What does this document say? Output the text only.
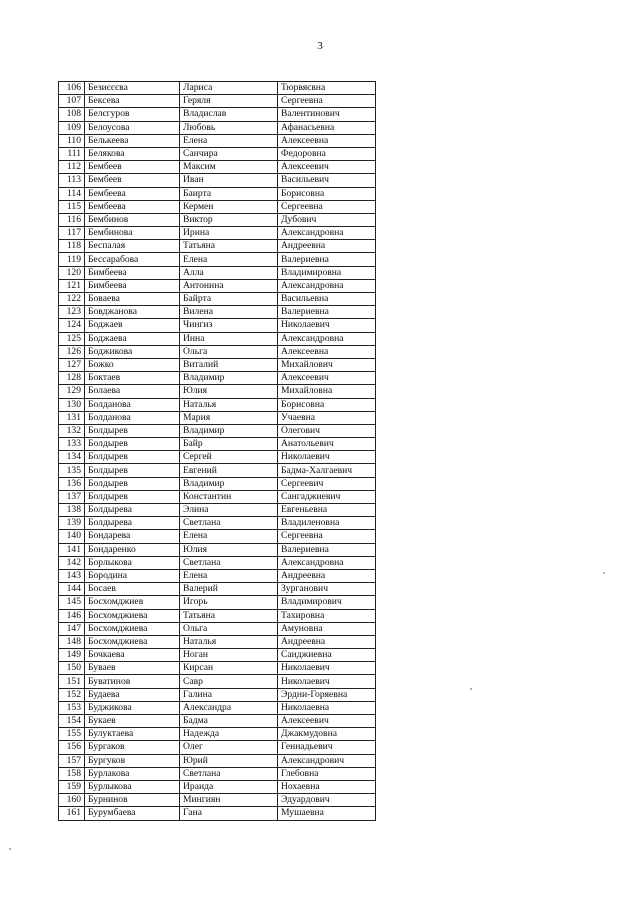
3
106	Безиєєєва	Лариса	Тюрвяєвна
107	Бексева	Геряля	Сергеевна
108	Белєгуров	Владислав	Валентинович
109	Белоусова	Любовь	Афанасьевна
110	Белькеева	Елена	Алексеевна
111	Белякова	Санчира	Федоровна
112	Бембеев	Максим	Алексеевич
113	Бембеев	Иван	Васильевич
114	Бембеева	Баирта	Борисовна
115	Бембеева	Кермен	Сергеевна
116	Бембинов	Виктор	Дубович
117	Бембинова	Ирина	Александровна
118	Беспалая	Татьяна	Андреевна
119	Бессарабова	Елена	Валериевна
120	Бимбеева	Алла	Владимировна
121	Бимбеева	Антонина	Александровна
122	Боваева	Байрта	Васильевна
123	Бовджанова	Вилена	Валериевна
124	Боджаев	Чингиз	Николаевич
125	Боджаева	Инна	Александровна
126	Боджикова	Ольга	Алексеевна
127	Божко	Виталий	Михайлович
128	Боктаев	Владимир	Алексеевич
129	Болаева	Юлия	Михайловна
130	Болданова	Наталья	Борисовна
131	Болданова	Мария	Учаевна
132	Болдырев	Владимир	Олегович
133	Болдырев	Байр	Анатольевич
134	Болдырев	Сергей	Николаевич
135	Болдырев	Евгений	Бадма-Халгаевич
136	Болдырев	Владимир	Сергеевич
137	Болдырев	Константин	Сангаджиевич
138	Болдырева	Элина	Евгеньевна
139	Болдырева	Светлана	Владиленовна
140	Бондарева	Елена	Сергеевна
141	Бондаренко	Юлия	Валериевна
142	Борлыкова	Светлана	Александровна
143	Бородина	Елена	Андреевна
144	Босаев	Валерий	Зурганович
145	Босхомджиев	Игорь	Владимирович
146	Босхомджиева	Татьяна	Тахировна
147	Босхомджиева	Ольга	Амуновна
148	Босхомджиева	Наталья	Андреевна
149	Бочкаева	Ноган	Санджиевна
150	Буваев	Кирсан	Николаевич
151	Буватинов	Савр	Николаевич
152	Будаева	Галина	Эрдни-Горяевна
153	Буджикова	Александра	Николаевна
154	Букаев	Бадма	Алексеевич
155	Булуктаева	Надежда	Джакмудовна
156	Бургаков	Олег	Геннадьевич
157	Бургуков	Юрий	Александрович
158	Бурлакова	Светлана	Глебовна
159	Бурлыкова	Ираида	Нохаевна
160	Бурнинов	Мингиян	Эдуардович
161	Бурумбаева	Гана	Мушаевна
